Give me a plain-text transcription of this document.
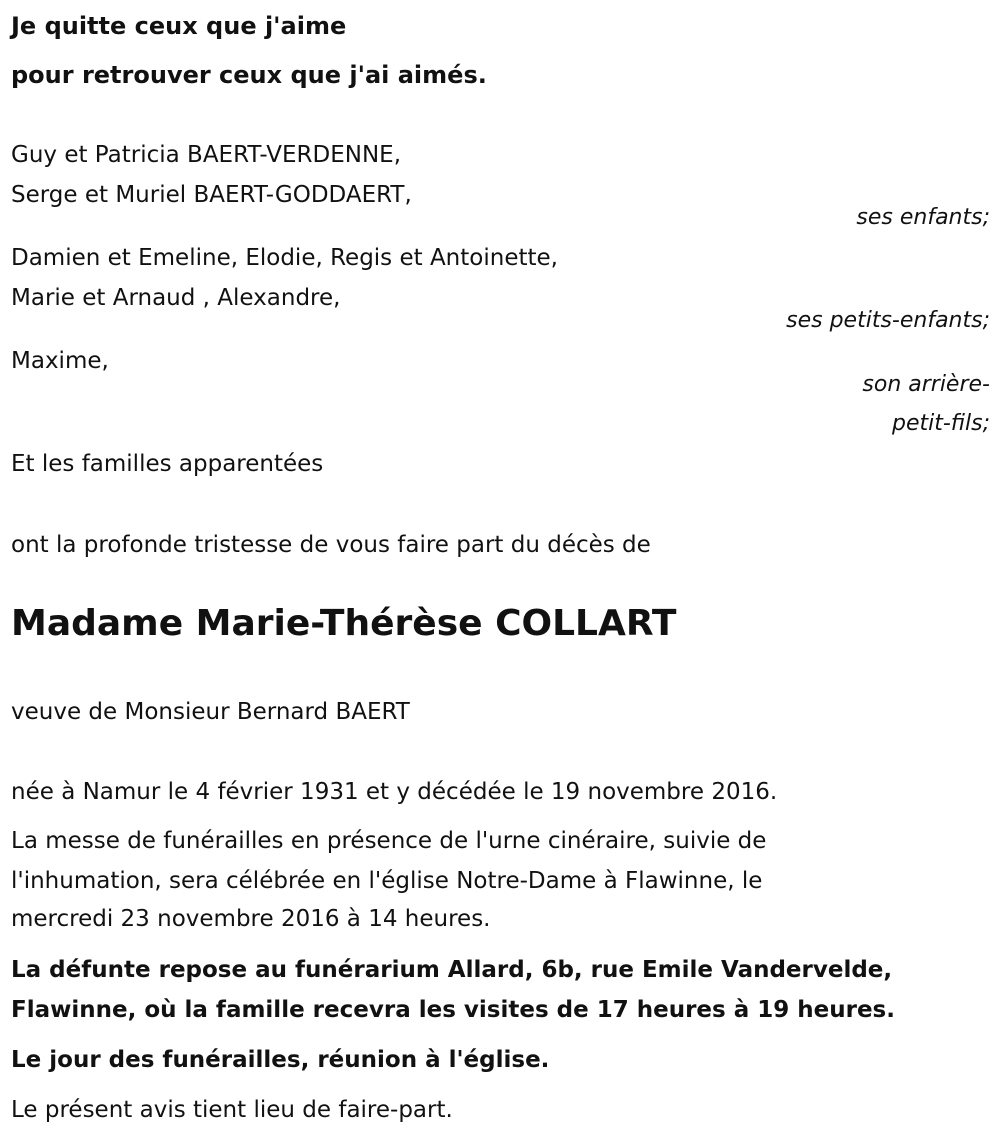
Je quitte ceux que j'aime

pour retrouver ceux que j'ai aimés.

Guy et Patricia BAERT-VERDENNE,

Serge et Muriel BAERT-GODDAERT,

ses enfants;

Damien et Emeline, Elodie, Regis et Antoinette,

Marie et Arnaud , Alexandre,

ses petits-enfants;

Maxime,

son arrière-

petit-fils;

Et les familles apparentées

ont la profonde tristesse de vous faire part du décès de

Madame Marie-Thérèse COLLART

veuve de Monsieur Bernard BAERT

née à Namur le 4 février 1931 et y décédée le 19 novembre 2016.

La messe de funérailles en présence de l'urne cinéraire, suivie de

l'inhumation, sera célébrée en l'église Notre-Dame à Flawinne, le

mercredi 23 novembre 2016 à 14 heures.

La défunte repose au funérarium Allard, 6b, rue Emile Vandervelde,

Flawinne, où la famille recevra les visites de 17 heures à 19 heures.

Le jour des funérailles, réunion à l'église.

Le présent avis tient lieu de faire-part.
